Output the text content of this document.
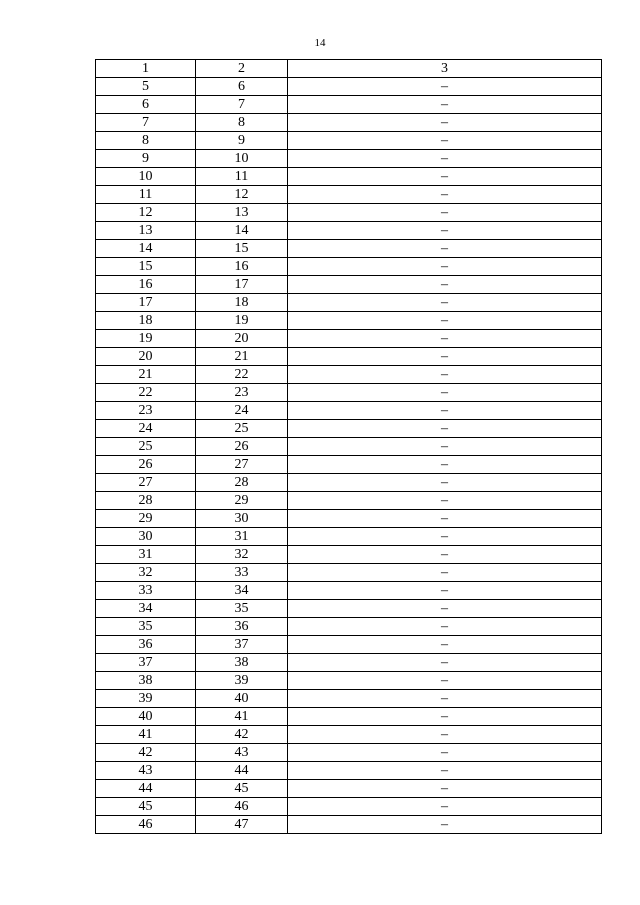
14
1	2	3
5	6	–
6	7	–
7	8	–
8	9	–
9	10	–
10	11	–
11	12	–
12	13	–
13	14	–
14	15	–
15	16	–
16	17	–
17	18	–
18	19	–
19	20	–
20	21	–
21	22	–
22	23	–
23	24	–
24	25	–
25	26	–
26	27	–
27	28	–
28	29	–
29	30	–
30	31	–
31	32	–
32	33	–
33	34	–
34	35	–
35	36	–
36	37	–
37	38	–
38	39	–
39	40	–
40	41	–
41	42	–
42	43	–
43	44	–
44	45	–
45	46	–
46	47	–
